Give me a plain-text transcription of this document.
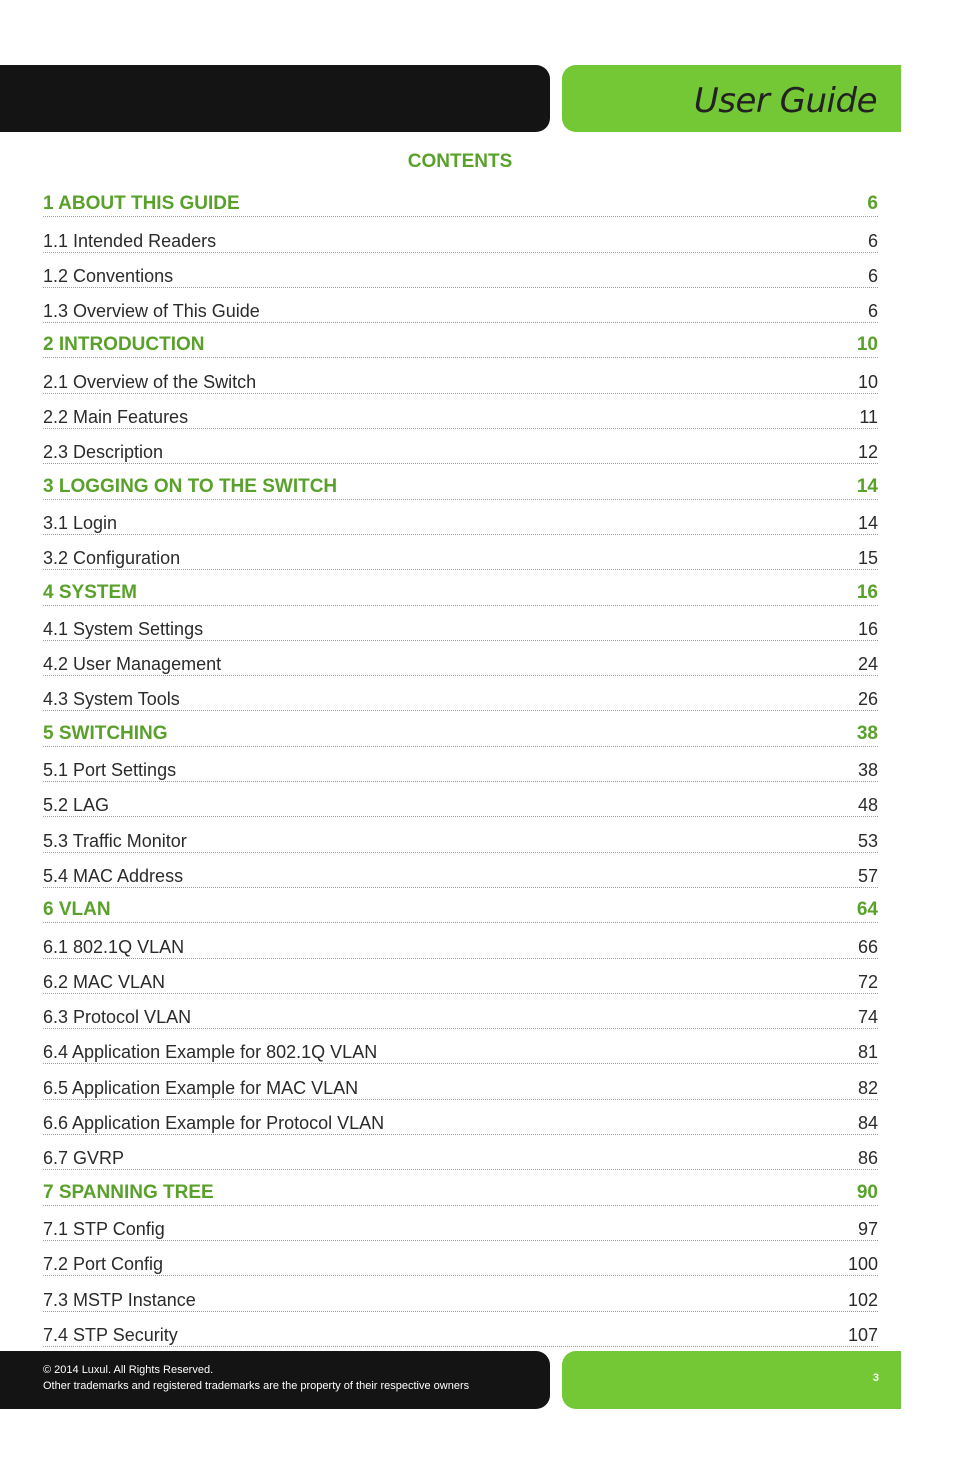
User Guide
CONTENTS
1 ABOUT THIS GUIDE	6
1.1 Intended Readers	6
1.2 Conventions	6
1.3 Overview of This Guide	6
2 INTRODUCTION	10
2.1 Overview of the Switch	10
2.2 Main Features	11
2.3 Description	12
3 LOGGING ON TO THE SWITCH	14
3.1 Login	14
3.2 Configuration	15
4 SYSTEM	16
4.1 System Settings	16
4.2 User Management	24
4.3 System Tools	26
5 SWITCHING	38
5.1 Port Settings	38
5.2 LAG	48
5.3 Traffic Monitor	53
5.4 MAC Address	57
6 VLAN	64
6.1 802.1Q VLAN	66
6.2 MAC VLAN	72
6.3 Protocol VLAN	74
6.4 Application Example for 802.1Q VLAN	81
6.5 Application Example for MAC VLAN	82
6.6 Application Example for Protocol VLAN	84
6.7 GVRP	86
7 SPANNING TREE	90
7.1 STP Config	97
7.2 Port Config	100
7.3 MSTP Instance	102
7.4 STP Security	107
© 2014 Luxul. All Rights Reserved.
Other trademarks and registered trademarks are the property of their respective owners
3
